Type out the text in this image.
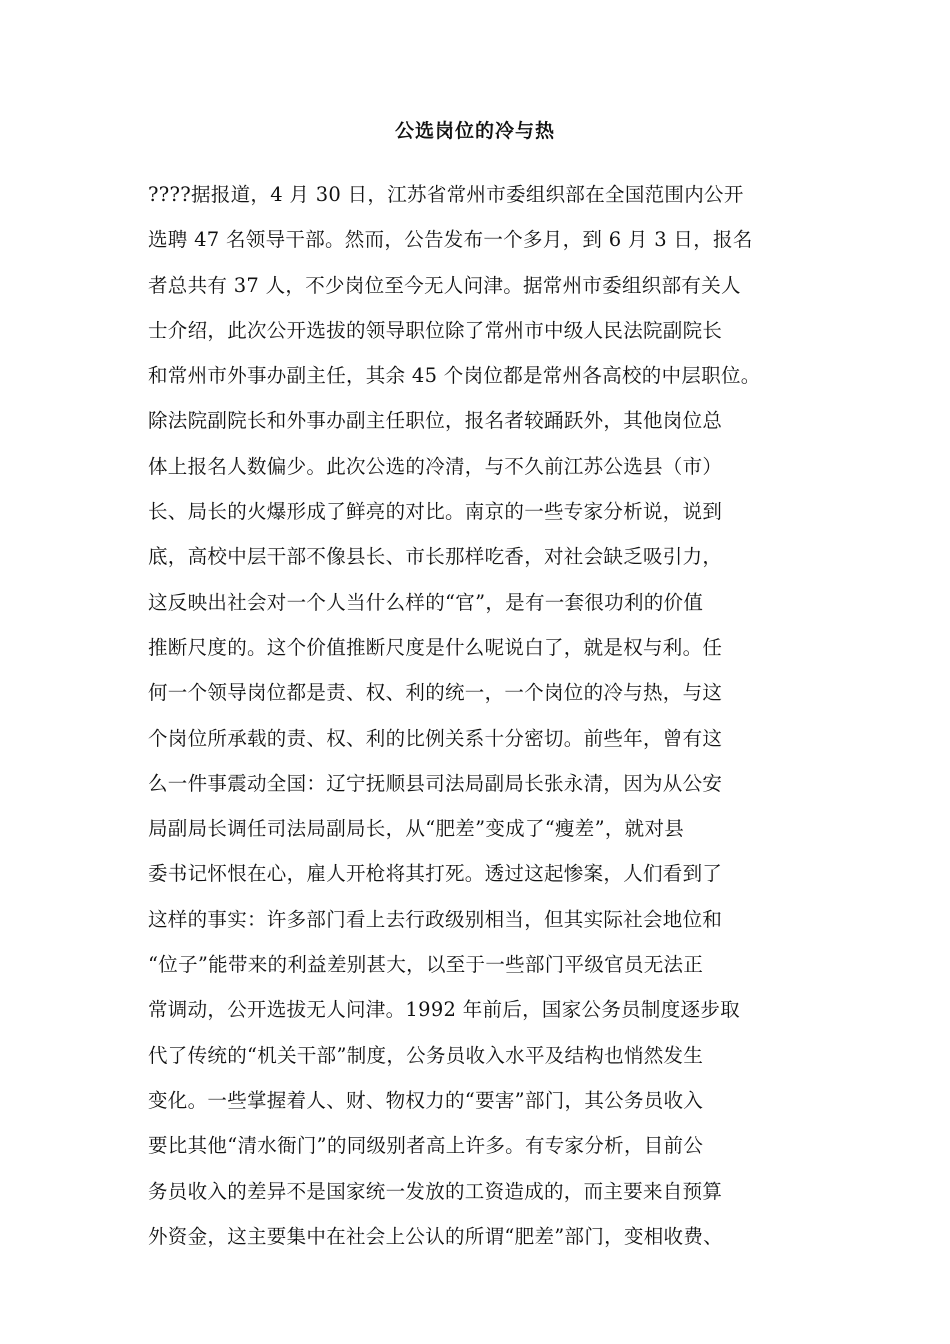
公选岗位的冷与热
????据报道，4 月 30 日，江苏省常州市委组织部在全国范围内公开
选聘 47 名领导干部。然而，公告发布一个多月，到 6 月 3 日，报名
者总共有 37 人，不少岗位至今无人问津。据常州市委组织部有关人
士介绍，此次公开选拔的领导职位除了常州市中级人民法院副院长
和常州市外事办副主任，其余 45 个岗位都是常州各高校的中层职位。
除法院副院长和外事办副主任职位，报名者较踊跃外，其他岗位总
体上报名人数偏少。此次公选的冷清，与不久前江苏公选县（市）
长、局长的火爆形成了鲜亮的对比。南京的一些专家分析说，说到
底，高校中层干部不像县长、市长那样吃香，对社会缺乏吸引力，
这反映出社会对一个人当什么样的“官”，是有一套很功利的价值
推断尺度的。这个价值推断尺度是什么呢说白了，就是权与利。任
何一个领导岗位都是责、权、利的统一，一个岗位的冷与热，与这
个岗位所承载的责、权、利的比例关系十分密切。前些年，曾有这
么一件事震动全国：辽宁抚顺县司法局副局长张永清，因为从公安
局副局长调任司法局副局长，从“肥差”变成了“瘦差”，就对县
委书记怀恨在心，雇人开枪将其打死。透过这起惨案，人们看到了
这样的事实：许多部门看上去行政级别相当，但其实际社会地位和
“位子”能带来的利益差别甚大，以至于一些部门平级官员无法正
常调动，公开选拔无人问津。1992 年前后，国家公务员制度逐步取
代了传统的“机关干部”制度，公务员收入水平及结构也悄然发生
变化。一些掌握着人、财、物权力的“要害”部门，其公务员收入
要比其他“清水衙门”的同级别者高上许多。有专家分析，目前公
务员收入的差异不是国家统一发放的工资造成的，而主要来自预算
外资金，这主要集中在社会上公认的所谓“肥差”部门，变相收费、
